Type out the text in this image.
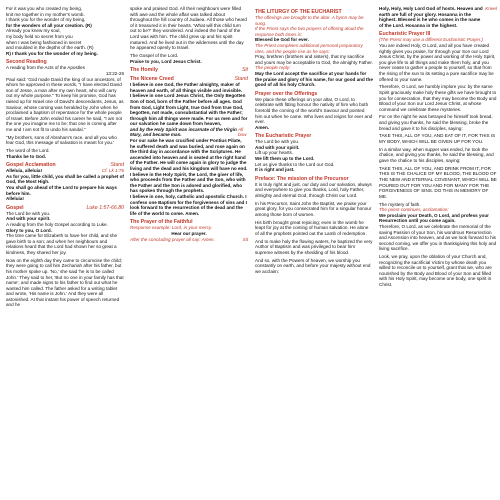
For it was you who created my being,
knit me together in my mother's womb.
I thank you for the wonder of my being,
for the wonders of all your creation. (R)
Already you knew my soul,
my body held no secret from you
when I was being fashioned in secret
and moulded in the depths of the earth. (R)
R) I thank you for the wonder of my being.
Second Reading
A reading from the Acts of the Apostles
13:22-26
Paul said: 'God made David the king of our ancestors, of whom he approved in these words, "I have elected David son of Jesse, a man after my own heart, who will carry out my whole purpose." To keep his promise, God has raised up for Israel one of David's descendants, Jesus, as Saviour, whose coming was heralded by John when he proclaimed a baptism of repentance for the whole people of Israel. Before John ended his career he said, "I am not the one you imagine me to be; that one is coming after me and I am not fit to undo his sandal."
"My brothers, sons of Abraham's race, and all you who fear God, this message of salvation is meant for you.'
The word of the Lord.
Thanks be to God.
Gospel Acclamation	Stand
Alleluia, alleluia!	Cf. Lk 1:76
As for you, little child, you shall be called a prophet of God, the Most High.
You shall go ahead of the Lord to prepare his ways before him.
Alleluia!
Gospel	Luke 1:57-66,80
The Lord be with you.
And with your spirit.
A reading from the holy Gospel according to Luke.
Glory to you, O Lord.
The time came for Elizabeth to have her child, and she gave birth to a son; and when her neighbours and relations heard that the Lord had shown her so great a kindness, they shared her joy.
Now on the eighth day they came to circumcise the child; they were going to call him Zechariah after his father, but his mother spoke up. 'No,' she said 'he is to be called John.' They said to her, 'But no one in your family has that name', and made signs to his father to find out what he wanted him called. The father asked for a writing tablet and wrote, 'His name is John.' And they were all astonished. At that instant his power of speech returned and he
spoke and praised God. All their neighbours were filled with awe and the whole affair was talked about throughout the hill country of Judaea. All those who heard of it treasured it in their hearts. 'What will this child turn out to be?' they wondered. And indeed the hand of the Lord was with him. The child grew up and his spirit matured. And he lived out in the wilderness until the day he appeared openly to Israel.
The Gospel of the Lord.
Praise to you, Lord Jesus Christ.
The Homily	Sit
The Nicene Creed	Stand
I believe in one God, the Father almighty, maker of heaven and earth, of all things visible and invisible.
I believe in one Lord Jesus Christ, the Only Begotten Son of God, born of the Father before all ages. God from God, Light from Light, true God from true God, begotten, not made, consubstantial with the Father; through him all things were made. For us men and for our salvation he came down from heaven,
and by the Holy Spirit was incarnate of the Virgin Mary, and became man.
All bow
For our sake he was crucified under Pontius Pilate, he suffered death and was buried, and rose again on the third day in accordance with the Scriptures. He ascended into heaven and is seated at the right hand of the Father. He will come again in glory to judge the living and the dead and his kingdom will have no end.
I believe in the Holy Spirit, the Lord, the giver of life, who proceeds from the Father and the Son, who with the Father and the Son is adored and glorified, who has spoken through the prophets.
I believe in one, holy, catholic and apostolic Church. I confess one Baptism for the forgiveness of sins and I look forward to the resurrection of the dead and the life of the world to come. Amen.
The Prayer of the Faithful
Response example: Lord, in your mercy.
Hear our prayer.
After the concluding prayer all say: Amen.	Sit
THE LITURGY OF THE EUCHARIST
The offerings are brought to the altar. A hymn may be sung.
If the Priest says the two prayers of offering aloud the response both times is:
Blessed be God for ever.
The Priest completes additional personal preparatory rites, and the people rise as he says:
Pray, brethren (brothers and sisters), that my sacrifice and yours may be acceptable to God, the almighty Father.
The people reply:
May the Lord accept the sacrifice at your hands for the praise and glory of his name, for our good and the good of all his holy Church.
Prayer over the Offerings
We place these offerings on your altar, O Lord, to celebrate with fitting honour the nativity of him who both foretold the coming of the world's Saviour and pointed him out when he came. Who lives and reigns for ever and ever.
Amen.
The Eucharistic Prayer
The Lord be with you.
And with your spirit.
Lift up your hearts.
We lift them up to the Lord.
Let us give thanks to the Lord our God.
It is right and just.
Preface: The mission of the Precursor
It is truly right and just, our duty and our salvation, always and everywhere to give you thanks, Lord, holy Father, almighty and eternal God, through Christ our Lord.
In his Precursor, Saint John the Baptist, we praise your great glory, for you consecrated him for a singular honour among those born of women.
His birth brought great rejoicing; even in the womb he leapt for joy at the coming of human salvation. He alone of all the prophets pointed out the Lamb of redemption.
And to make holy the flowing waters, he baptized the very Author of Baptism and was privileged to bear him supreme witness by the shedding of his blood.
And so, with the Powers of heaven, we worship you constantly on earth, and before your majesty without end we acclaim:
Holy, Holy, Holy Lord God of hosts. Heaven and earth are full of your glory. Hosanna in the highest. Blessed is he who comes in the name of the Lord. Hosanna in the highest.
Kneel
Eucharistic Prayer III
(The Priest may use a different Eucharistic Prayer.)
You are indeed Holy, O Lord, and all you have created rightly gives you praise, for through your Son our Lord Jesus Christ, by the power and working of the Holy Spirit, you give life to all things and make them holy, and you never cease to gather a people to yourself, so that from the rising of the sun to its setting a pure sacrifice may be offered to your name.
Therefore, O Lord, we humbly implore you: by the same Spirit graciously make holy these gifts we have brought to you for consecration, that they may become the Body and Blood of your Son our Lord Jesus Christ, at whose command we celebrate these mysteries.
For on the night he was betrayed he himself took bread, and giving you thanks, he said the blessing, broke the bread and gave it to his disciples, saying:
TAKE THIS, ALL OF YOU, AND EAT OF IT, FOR THIS IS MY BODY, WHICH WILL BE GIVEN UP FOR YOU.
In a similar way, when supper was ended, he took the chalice, and giving you thanks, he said the blessing, and gave the chalice to his disciples, saying:
TAKE THIS, ALL OF YOU, AND DRINK FROM IT, FOR THIS IS THE CHALICE OF MY BLOOD, THE BLOOD OF THE NEW AND ETERNAL COVENANT, WHICH WILL BE POURED OUT FOR YOU AND FOR MANY FOR THE FORGIVENESS OF SINS. DO THIS IN MEMORY OF ME.
The mystery of faith.
The priest continues, acclamation:
We proclaim your Death, O Lord, and profess your Resurrection until you come again.
Therefore, O Lord, as we celebrate the memorial of the saving Passion of your Son, his wondrous Resurrection and Ascension into heaven, and as we look forward to his second coming, we offer you in thanksgiving this holy and living sacrifice.
Look, we pray, upon the oblation of your Church and, recognizing the sacrificial Victim by whose death you willed to reconcile us to yourself, grant that we, who are nourished by the Body and Blood of your Son and filled with his Holy Spirit, may become one body, one spirit in Christ.
